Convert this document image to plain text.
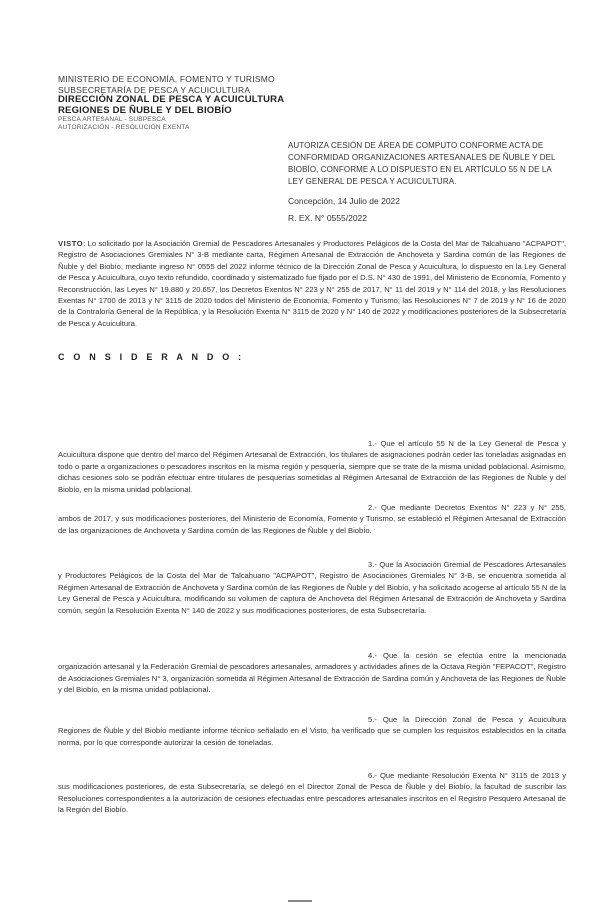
MINISTERIO DE ECONOMÍA, FOMENTO Y TURISMO
SUBSECRETARÍA DE PESCA Y ACUICULTURA
DIRECCIÓN ZONAL DE PESCA Y ACUICULTURA
REGIONES DE ÑUBLE Y DEL BIOBÍO
PESCA ARTESANAL - SUBPESCA
AUTORIZACIÓN - RESOLUCIÓN EXENTA
AUTORIZA CESIÓN DE ÁREA DE COMPUTO CONFORME ACTA DE CONFORMIDAD ORGANIZACIONES ARTESANALES DE ÑUBLE Y DEL BIOBÍO, CONFORME A LO DISPUESTO EN EL ARTÍCULO 55 N DE LA LEY GENERAL DE PESCA Y ACUICULTURA.
Concepción, 14 Julio de 2022
R. EX. N° 0555/2022
VISTO: Lo solicitado por la Asociación Gremial de Pescadores Artesanales y Productores Pelágicos de la Costa del Mar de Talcahuano "ACPAPOT", Registro de Asociaciones Gremiales N° 3-B mediante carta, Régimen Artesanal de Extracción de Anchoveta y Sardina común de las Regiones de Ñuble y del Biobío, mediante ingreso N° 0555 del 2022 informe técnico de la Dirección Zonal de Pesca y Acuicultura, lo dispuesto en la Ley General de Pesca y Acuicultura, cuyo texto refundido, coordinado y sistematizado fue fijado por el D.S. N° 430 de 1991, del Ministerio de Economía, Fomento y Reconstrucción, las Leyes N° 19.880 y 20.657, los Decretos Exentos N° 223 y N° 255 de 2017, N° 11 del 2019 y N° 114 del 2018, y las Resoluciones Exentas N° 1700 de 2013 y N° 3115 de 2020 todos del Ministerio de Economía, Fomento y Turismo; las Resoluciones N° 7 de 2019 y N° 16 de 2020 de la Contraloría General de la República, y la Resolución Exenta N° 3115 de 2020 y N° 140 de 2022 y modificaciones posteriores de la Subsecretaría de Pesca y Acuicultura.
C O N S I D E R A N D O :
1.- Que el artículo 55 N de la Ley General de Pesca y Acuicultura dispone que dentro del marco del Régimen Artesanal de Extracción, los titulares de asignaciones podrán ceder las toneladas asignadas en todo o parte a organizaciones o pescadores inscritos en la misma región y pesquería, siempre que se trate de la misma unidad poblacional. Asimismo, dichas cesiones solo se podrán efectuar entre titulares de pesquerías sometidas al Régimen Artesanal de Extracción de las Regiones de Ñuble y del Biobío, en la misma unidad poblacional.
2.- Que mediante Decretos Exentos N° 223 y N° 255, ambos de 2017, y sus modificaciones posteriores, del Ministerio de Economía, Fomento y Turismo, se estableció el Régimen Artesanal de Extracción de las organizaciones de Anchoveta y Sardina común de las Regiones de Ñuble y del Biobío.
3.- Que la Asociación Gremial de Pescadores Artesanales y Productores Pelágicos de la Costa del Mar de Talcahuano "ACPAPOT", Registro de Asociaciones Gremiales N° 3-B, se encuentra sometida al Régimen Artesanal de Extracción de Anchoveta y Sardina común de las Regiones de Ñuble y del Biobío, y ha solicitado acogerse al artículo 55 N de la Ley General de Pesca y Acuicultura, modificando su volumen de captura de Anchoveta del Régimen Artesanal de Extracción de Anchoveta y Sardina común, según la Resolución Exenta N° 140 de 2022 y sus modificaciones posteriores, de esta Subsecretaría.
4.- Que la cesión se efectúa entre la mencionada organización artesanal y la Federación Gremial de pescadores artesanales, armadores y actividades afines de la Octava Región "FEPACOT", Registro de Asociaciones Gremiales N° 3, organización sometida al Régimen Artesanal de Extracción de Sardina común y Anchoveta de las Regiones de Ñuble y del Biobío, en la misma unidad poblacional.
5.- Que la Dirección Zonal de Pesca y Acuicultura Regiones de Ñuble y del Biobío mediante informe técnico señalado en el Visto, ha verificado que se cumplen los requisitos establecidos en la citada norma, por lo que corresponde autorizar la cesión de toneladas.
6.- Que mediante Resolución Exenta N° 3115 de 2013 y sus modificaciones posteriores, de esta Subsecretaría, se delegó en el Director Zonal de Pesca de Ñuble y del Biobío, la facultad de suscribir las Resoluciones correspondientes a la autorización de cesiones efectuadas entre pescadores artesanales inscritos en el Registro Pesquero Artesanal de la Región del Biobío.
